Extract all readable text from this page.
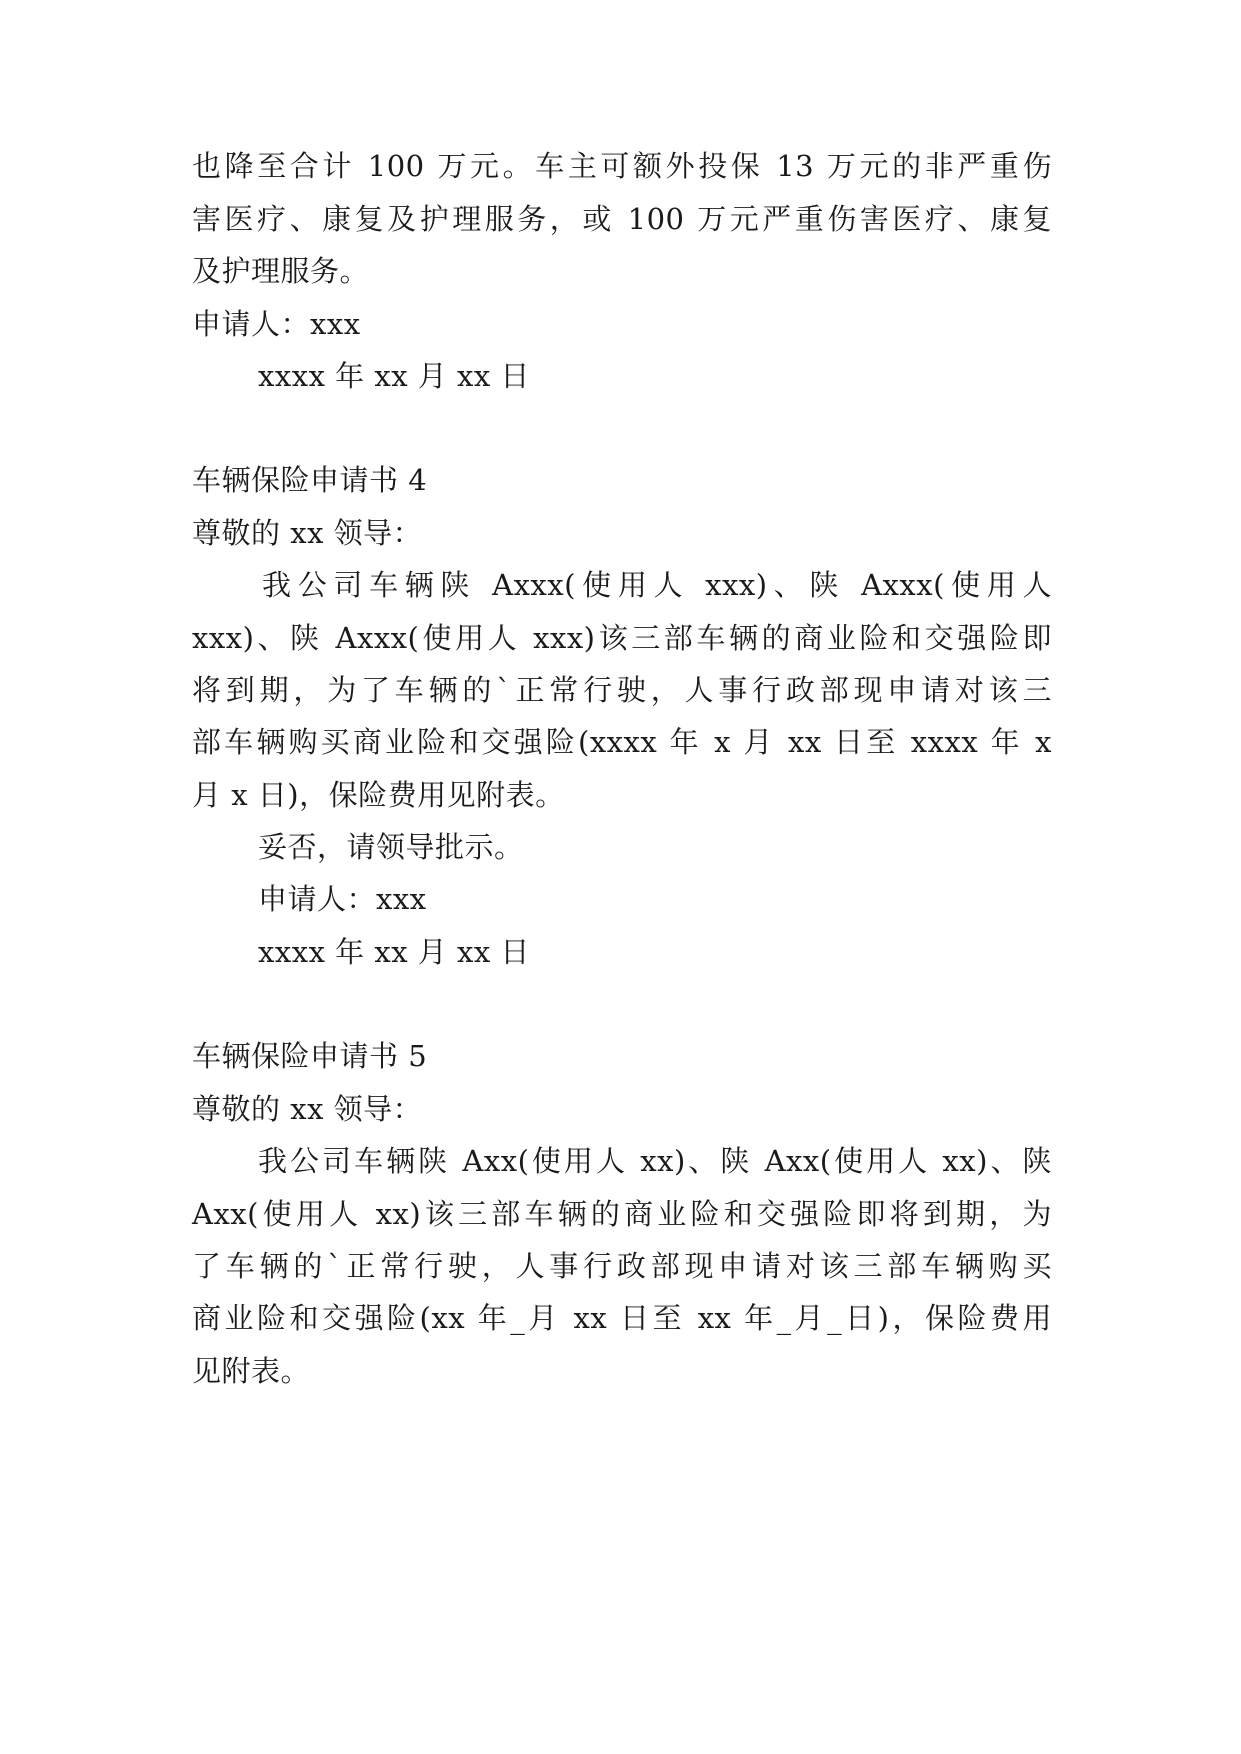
也降至合计 100 万元。车主可额外投保 13 万元的非严重伤
害医疗、康复及护理服务，或 100 万元严重伤害医疗、康复
及护理服务。
申请人：xxx
xxxx 年 xx 月 xx 日
车辆保险申请书 4
尊敬的 xx 领导：
我公司车辆陕 Axxx(使用人 xxx)、陕 Axxx(使用人
xxx)、陕 Axxx(使用人 xxx)该三部车辆的商业险和交强险即
将到期，为了车辆的`正常行驶，人事行政部现申请对该三
部车辆购买商业险和交强险(xxxx 年 x 月 xx 日至 xxxx 年 x
月 x 日)，保险费用见附表。
妥否，请领导批示。
申请人：xxx
xxxx 年 xx 月 xx 日
车辆保险申请书 5
尊敬的 xx 领导：
我公司车辆陕 Axx(使用人 xx)、陕 Axx(使用人 xx)、陕
Axx(使用人 xx)该三部车辆的商业险和交强险即将到期，为
了车辆的`正常行驶，人事行政部现申请对该三部车辆购买
商业险和交强险(xx 年_月 xx 日至 xx 年_月_日)，保险费用
见附表。
